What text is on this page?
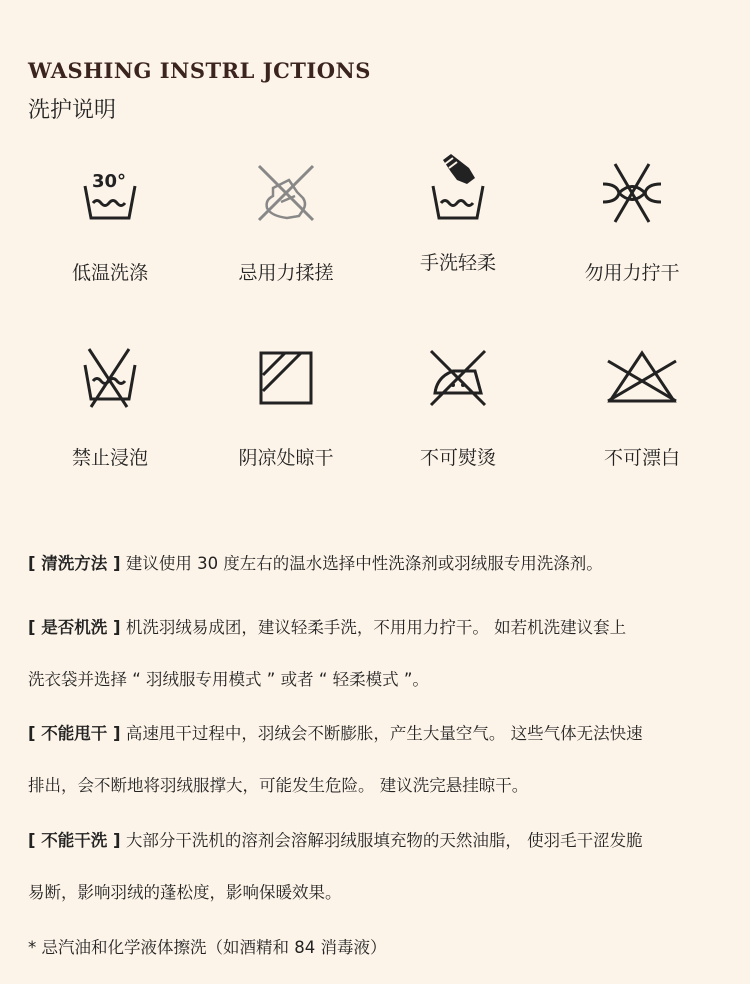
WASHING INSTRL JCTIONS
洗护说明
30°
低温洗涤	忌用力揉搓	手洗轻柔	勿用力拧干
禁止浸泡	阴凉处晾干	不可熨烫	不可漂白
[ 清洗方法 ] 建议使用 30 度左右的温水选择中性洗涤剂或羽绒服专用洗涤剂。
[ 是否机洗 ] 机洗羽绒易成团，建议轻柔手洗，不用用力拧干。 如若机洗建议套上
洗衣袋并选择 “ 羽绒服专用模式 ” 或者 “ 轻柔模式 ”。
[ 不能甩干 ] 高速甩干过程中，羽绒会不断膨胀，产生大量空气。 这些气体无法快速
排出，会不断地将羽绒服撑大，可能发生危险。 建议洗完悬挂晾干。
[ 不能干洗 ] 大部分干洗机的溶剂会溶解羽绒服填充物的天然油脂， 使羽毛干涩发脆
易断，影响羽绒的蓬松度，影响保暖效果。
* 忌汽油和化学液体擦洗（如酒精和 84 消毒液）
